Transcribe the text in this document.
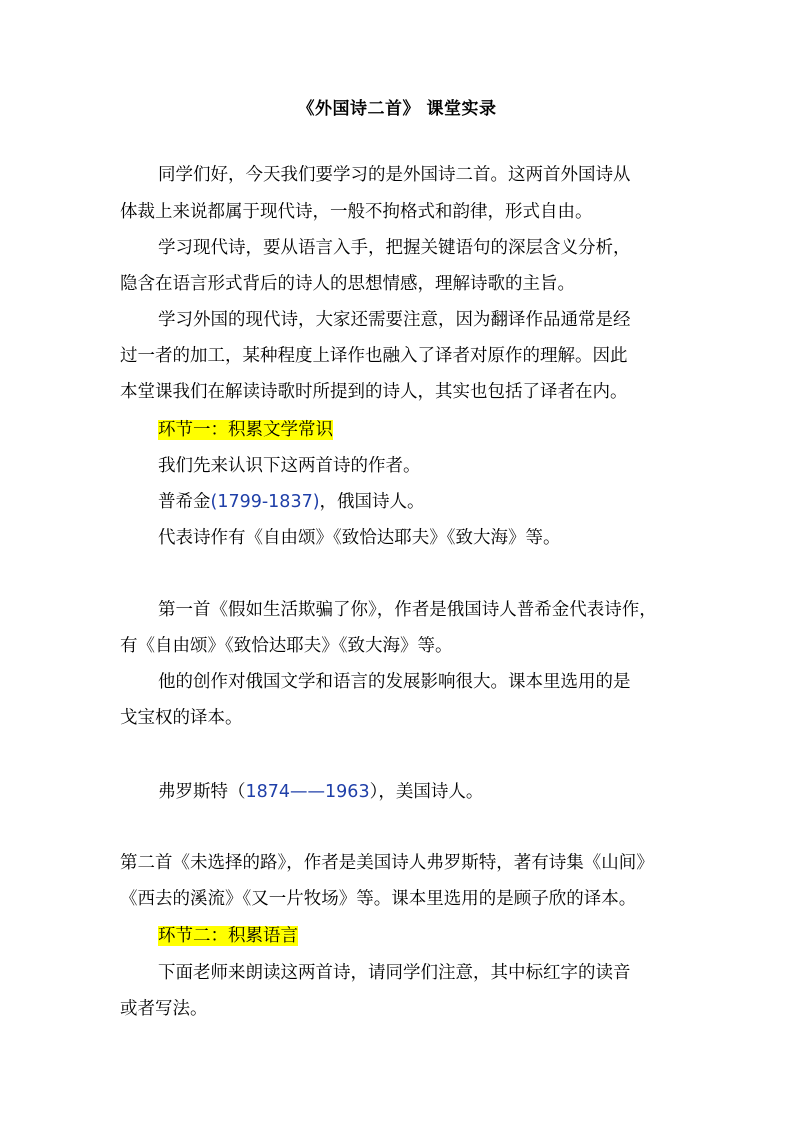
《外国诗二首》 课堂实录
同学们好，今天我们要学习的是外国诗二首。这两首外国诗从
体裁上来说都属于现代诗，一般不拘格式和韵律，形式自由。
学习现代诗，要从语言入手，把握关键语句的深层含义分析，
隐含在语言形式背后的诗人的思想情感，理解诗歌的主旨。
学习外国的现代诗，大家还需要注意，因为翻译作品通常是经
过一者的加工，某种程度上译作也融入了译者对原作的理解。因此
本堂课我们在解读诗歌时所提到的诗人，其实也包括了译者在内。
环节一：积累文学常识
我们先来认识下这两首诗的作者。
普希金(1799-1837)，俄国诗人。
代表诗作有《自由颂》《致恰达耶夫》《致大海》等。
第一首《假如生活欺骗了你》，作者是俄国诗人普希金代表诗作，
有《自由颂》《致恰达耶夫》《致大海》等。
他的创作对俄国文学和语言的发展影响很大。课本里选用的是
戈宝权的译本。
弗罗斯特（1874——1963），美国诗人。
第二首《未选择的路》，作者是美国诗人弗罗斯特，著有诗集《山间》
《西去的溪流》《又一片牧场》等。课本里选用的是顾子欣的译本。
环节二：积累语言
下面老师来朗读这两首诗，请同学们注意，其中标红字的读音
或者写法。
